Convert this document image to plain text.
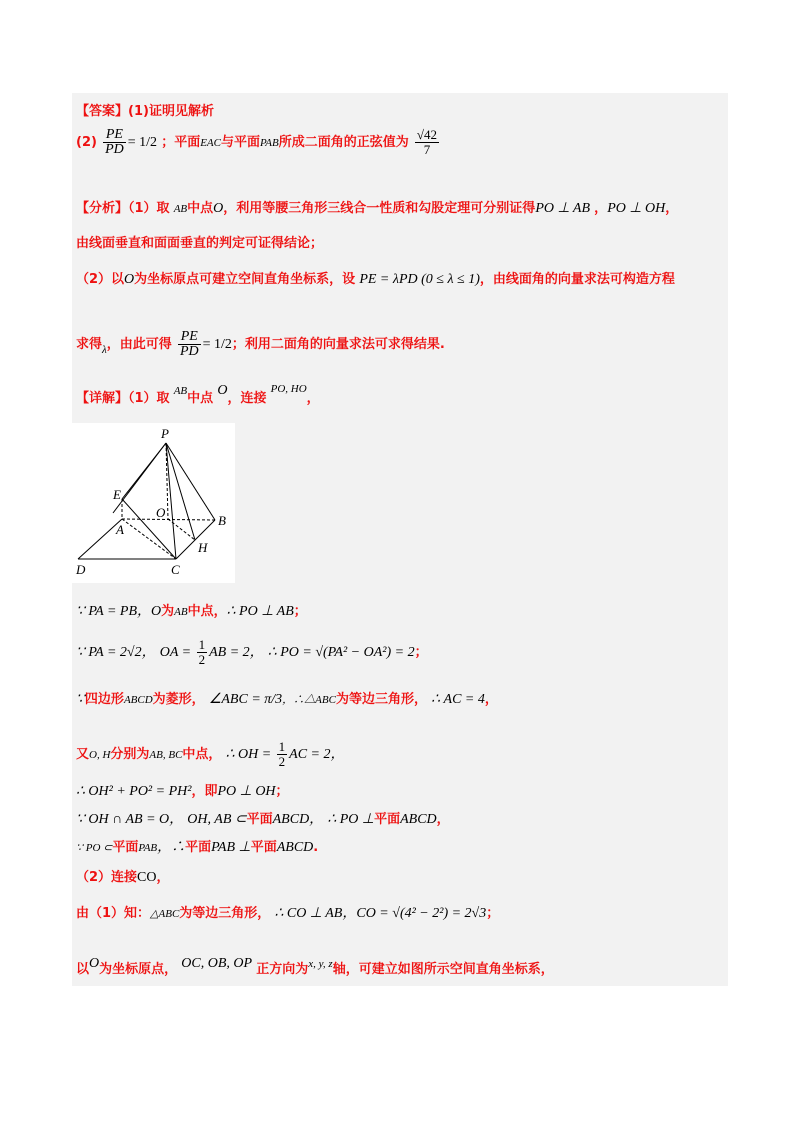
【答案】(1)证明见解析
$(2) \frac{PE}{PD} = 1/2$ ；平面EAC与平面PAB所成二面角的正弦值为 $\frac{√42}{7}$
【分析】（1）取 AB中点O，利用等腰三角形三线合一性质和勾股定理可分别证得PO ⊥ AB ，PO ⊥ OH，
由线面垂直和面面垂直的判定可证得结论；
（2）以O为坐标原点可建立空间直角坐标系，设 PE = λPD (0 ≤ λ ≤ 1)，由线面角的向量求法可构造方程
求得$_\lambda$，由此可得 $\frac{PE}{PD} = 1/2$；利用二面角的向量求法可求得结果.
【详解】（1）取 $^{AB}$中点 O，连接 $^{PO, HO}$，
P
E
O
B
A
H
D	C
∵ PA = PB，O为AB中点，∴ PO ⊥ AB；
∵ PA = 2√2， OA = $\frac{1}{2}$ AB = 2， ∴ PO = √(PA² − OA²) = 2；
∵四边形ABCD为菱形， ∠ABC = π/3，∴△ABC为等边三角形， ∴ AC = 4，
又O, H分别为AB, BC中点， ∴ OH = $\frac{1}{2}$ AC = 2，
∴ OH² + PO² = PH²，即PO ⊥ OH；
∵ OH ∩ AB = O， OH, AB ⊂平面ABCD， ∴ PO ⊥平面ABCD，
∵ PO ⊂平面PAB，∴平面PAB ⊥平面ABCD.
（2）连接CO，
由（1）知：△ABC为等边三角形， ∴ CO ⊥ AB，CO = √(4² − 2²) = 2√3；
以O为坐标原点， OC, OB, OP 正方向为$^{x, y, z}$轴，可建立如图所示空间直角坐标系，
